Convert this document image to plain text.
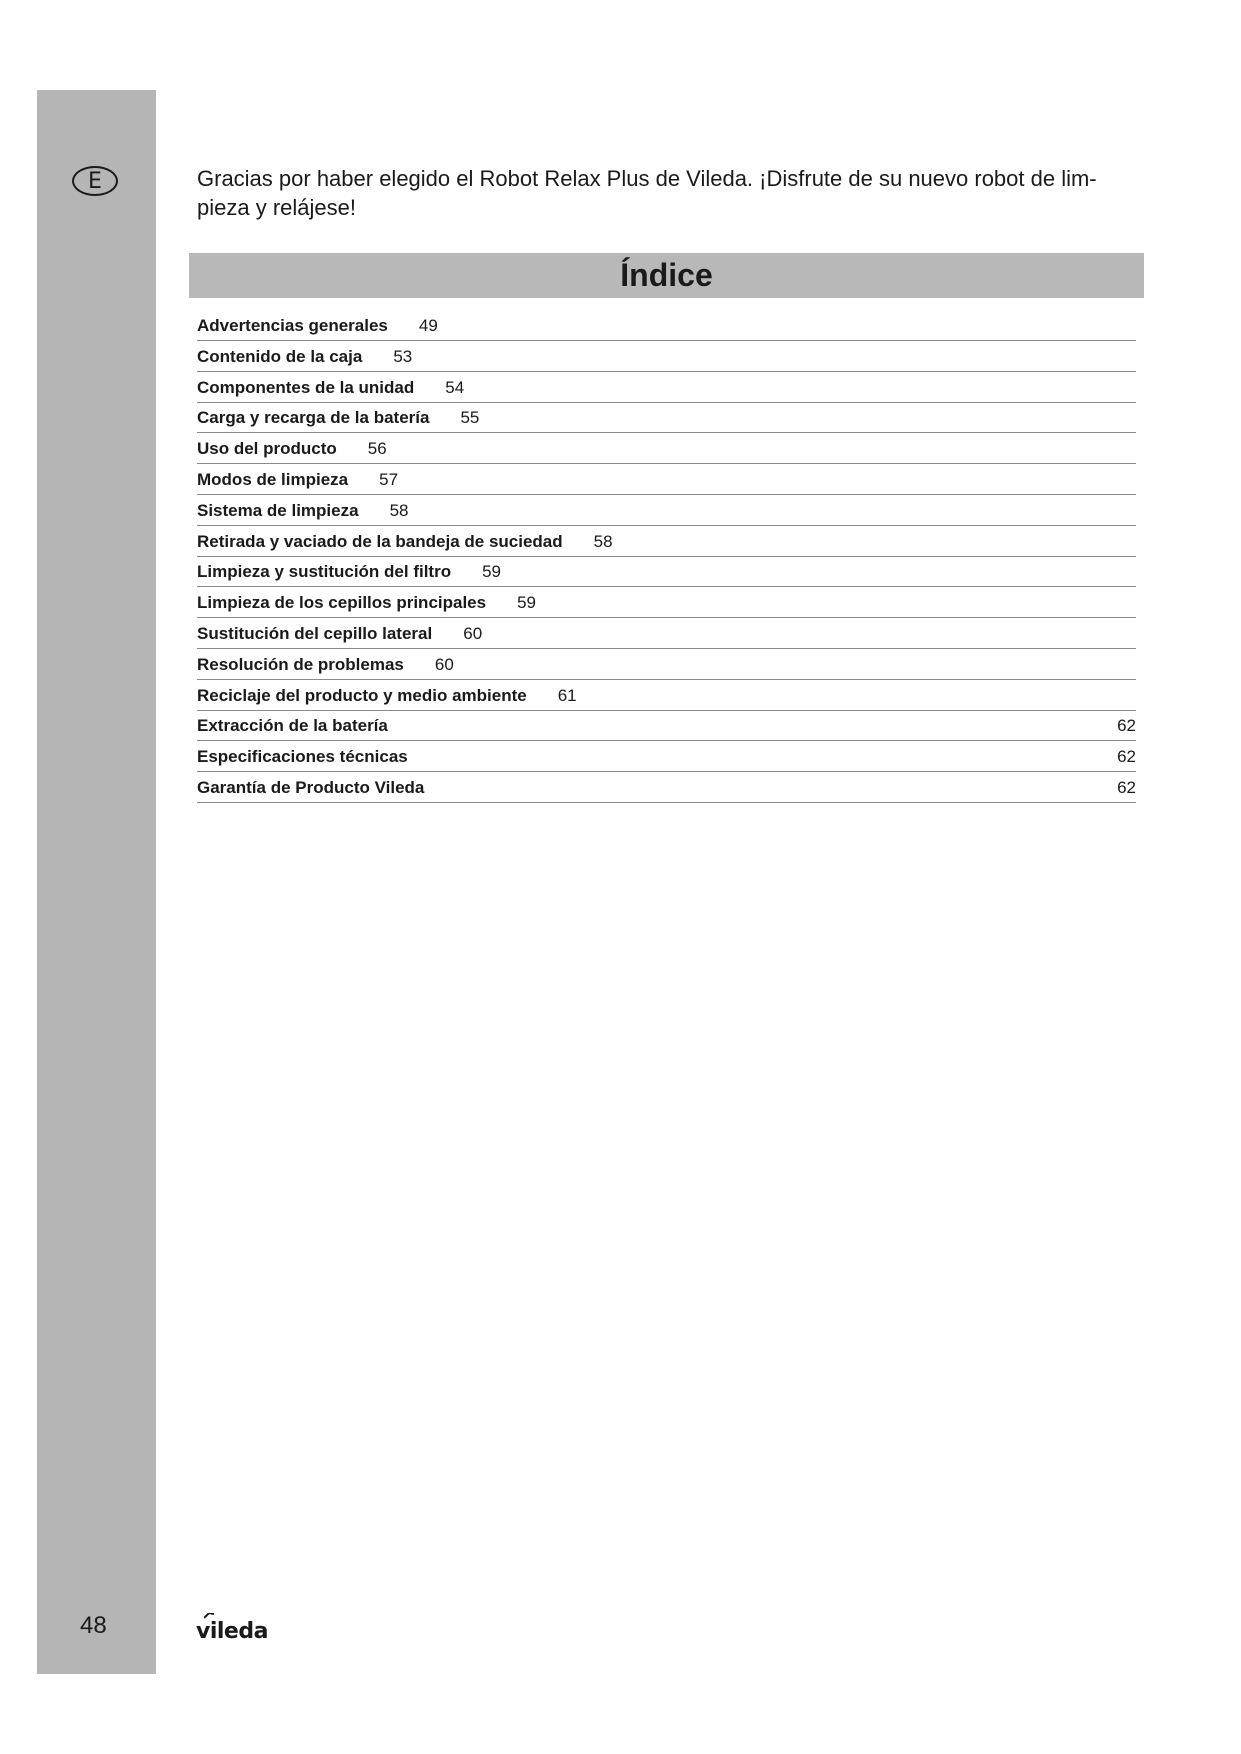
E
48
Gracias por haber elegido el Robot Relax Plus de Vileda. ¡Disfrute de su nuevo robot de lim-pieza y relájese!
Índice
Advertencias generales 49
Contenido de la caja 53
Componentes de la unidad 54
Carga y recarga de la batería 55
Uso del producto 56
Modos de limpieza 57
Sistema de limpieza 58
Retirada y vaciado de la bandeja de suciedad 58
Limpieza y sustitución del filtro 59
Limpieza de los cepillos principales 59
Sustitución del cepillo lateral 60
Resolución de problemas 60
Reciclaje del producto y medio ambiente 61
Extracción de la batería	62
Especificaciones técnicas	62
Garantía de Producto Vileda	62
vileda
